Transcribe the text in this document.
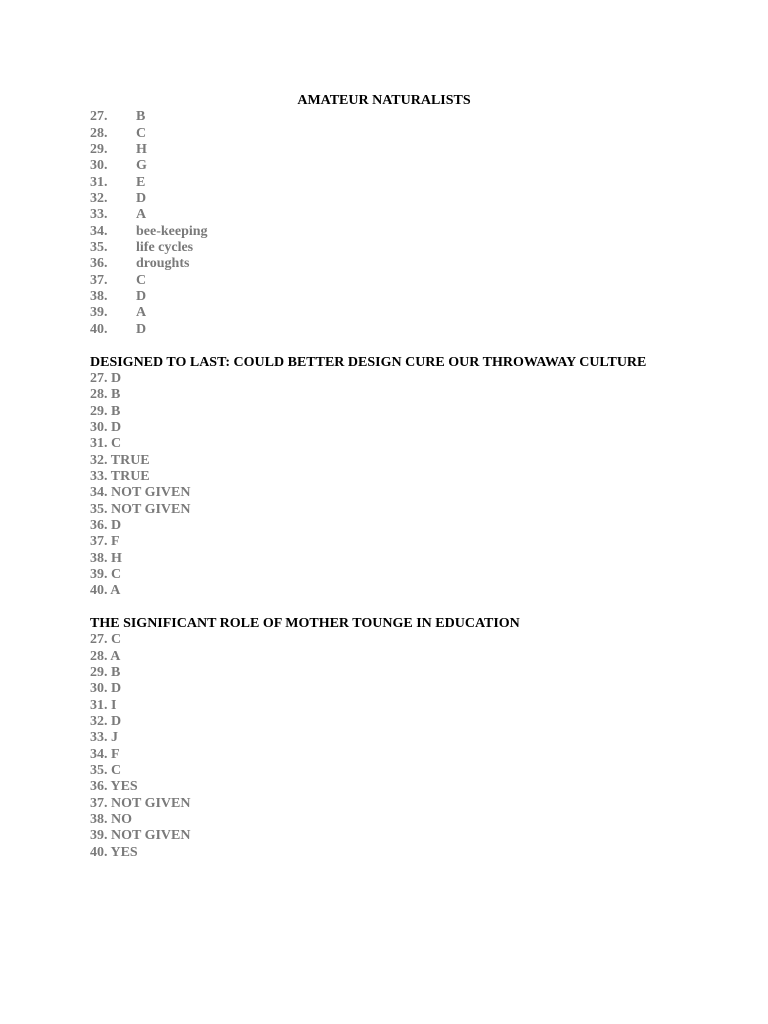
AMATEUR NATURALISTS
27. B
28. C
29. H
30. G
31. E
32. D
33. A
34. bee-keeping
35. life cycles
36. droughts
37. C
38. D
39. A
40. D
DESIGNED TO LAST: COULD BETTER DESIGN CURE OUR THROWAWAY CULTURE
27. D
28. B
29. B
30. D
31. C
32. TRUE
33. TRUE
34. NOT GIVEN
35. NOT GIVEN
36. D
37. F
38. H
39. C
40. A
THE SIGNIFICANT ROLE OF MOTHER TOUNGE IN EDUCATION
27. C
28. A
29. B
30. D
31. I
32. D
33. J
34. F
35. C
36. YES
37. NOT GIVEN
38. NO
39. NOT GIVEN
40. YES
